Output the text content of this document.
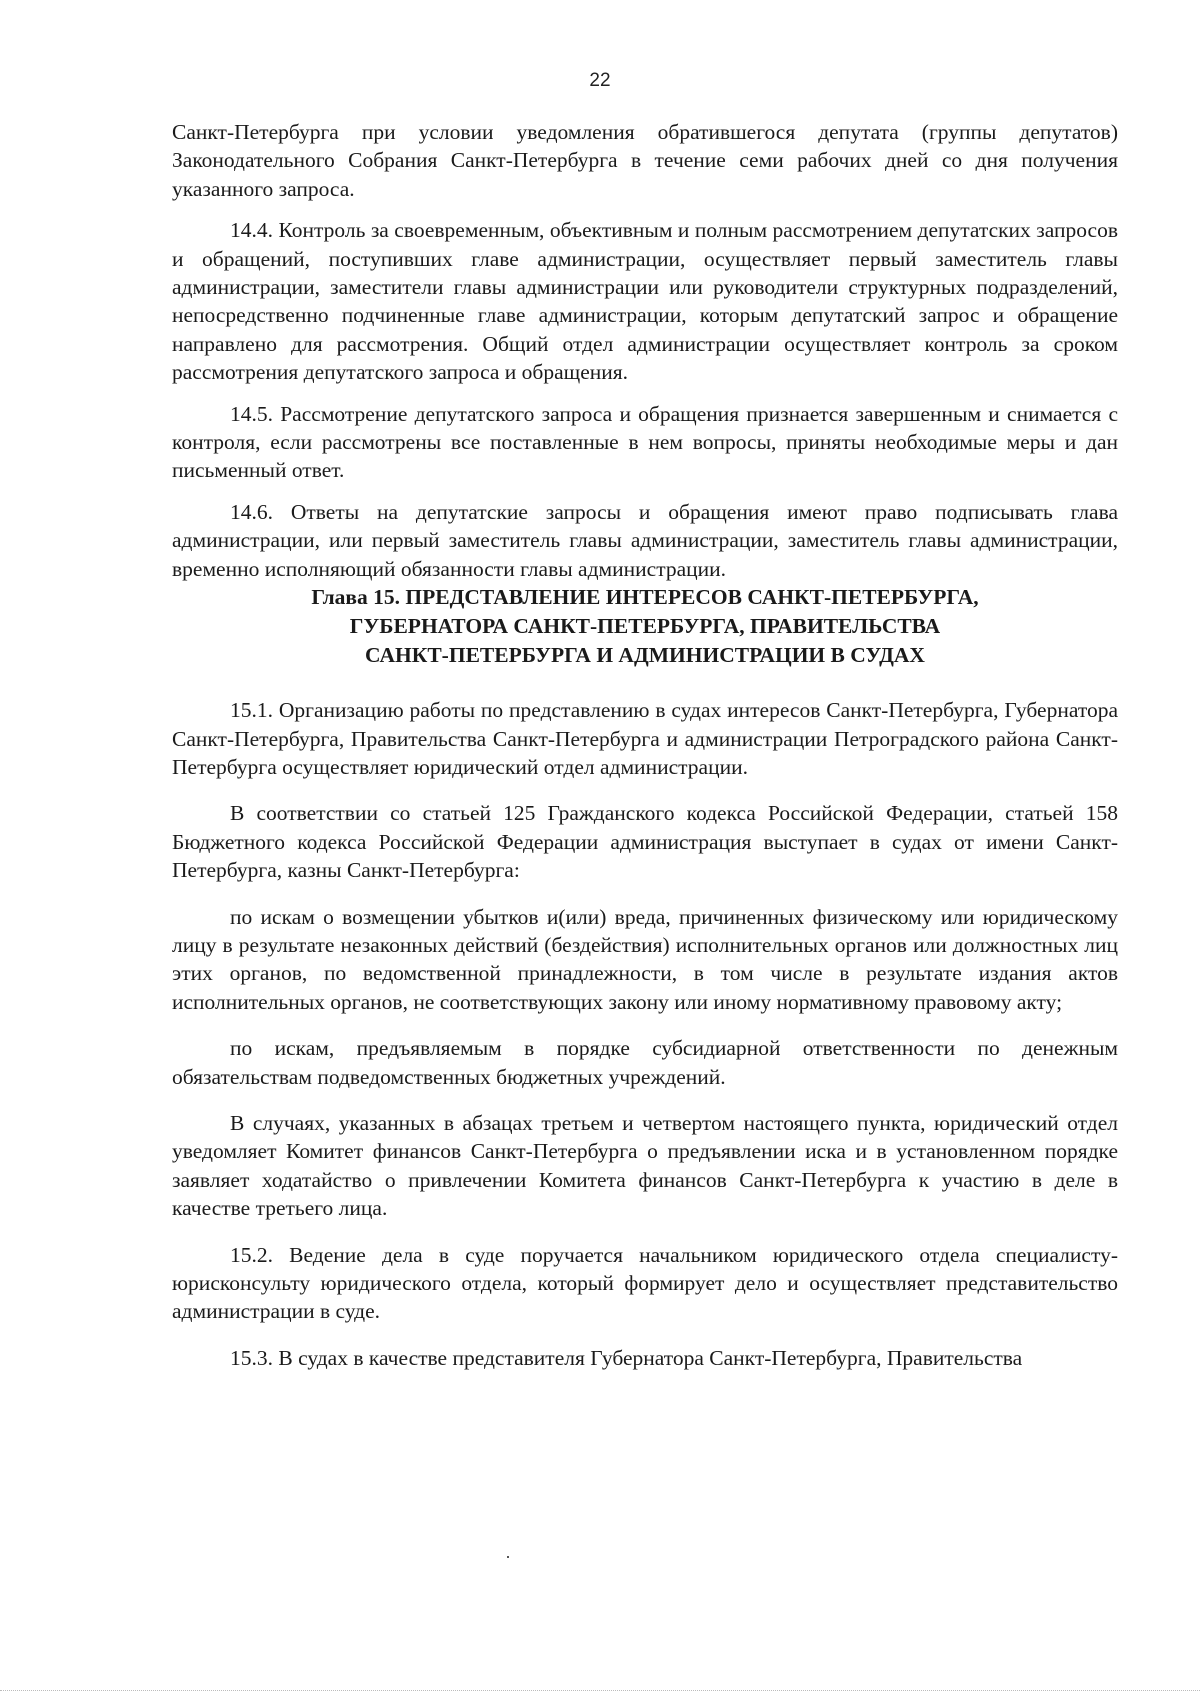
22

Санкт-Петербурга при условии уведомления обратившегося депутата (группы депутатов) Законодательного Собрания Санкт-Петербурга в течение семи рабочих дней со дня получения указанного запроса.

14.4. Контроль за своевременным, объективным и полным рассмотрением депутатских запросов и обращений, поступивших главе администрации, осуществляет первый заместитель главы администрации, заместители главы администрации или руководители структурных подразделений, непосредственно подчиненные главе администрации, которым депутатский запрос и обращение направлено для рассмотрения. Общий отдел администрации осуществляет контроль за сроком рассмотрения депутатского запроса и обращения.

14.5. Рассмотрение депутатского запроса и обращения признается завершенным и снимается с контроля, если рассмотрены все поставленные в нем вопросы, приняты необходимые меры и дан письменный ответ.

14.6. Ответы на депутатские запросы и обращения имеют право подписывать глава администрации, или первый заместитель главы администрации, заместитель главы администрации, временно исполняющий обязанности главы администрации.

Глава 15. ПРЕДСТАВЛЕНИЕ ИНТЕРЕСОВ САНКТ-ПЕТЕРБУРГА,
ГУБЕРНАТОРА САНКТ-ПЕТЕРБУРГА, ПРАВИТЕЛЬСТВА
САНКТ-ПЕТЕРБУРГА И АДМИНИСТРАЦИИ В СУДАХ

15.1. Организацию работы по представлению в судах интересов Санкт-Петербурга, Губернатора Санкт-Петербурга, Правительства Санкт-Петербурга и администрации Петроградского района Санкт-Петербурга осуществляет юридический отдел администрации.

В соответствии со статьей 125 Гражданского кодекса Российской Федерации, статьей 158 Бюджетного кодекса Российской Федерации администрация выступает в судах от имени Санкт-Петербурга, казны Санкт-Петербурга:

по искам о возмещении убытков и(или) вреда, причиненных физическому или юридическому лицу в результате незаконных действий (бездействия) исполнительных органов или должностных лиц этих органов, по ведомственной принадлежности, в том числе в результате издания актов исполнительных органов, не соответствующих закону или иному нормативному правовому акту;

по искам, предъявляемым в порядке субсидиарной ответственности по денежным обязательствам подведомственных бюджетных учреждений.

В случаях, указанных в абзацах третьем и четвертом настоящего пункта, юридический отдел уведомляет Комитет финансов Санкт-Петербурга о предъявлении иска и в установленном порядке заявляет ходатайство о привлечении Комитета финансов Санкт-Петербурга к участию в деле в качестве третьего лица.

15.2. Ведение дела в суде поручается начальником юридического отдела специалисту-юрисконсульту юридического отдела, который формирует дело и осуществляет представительство администрации в суде.

15.3. В судах в качестве представителя Губернатора Санкт-Петербурга, Правительства
